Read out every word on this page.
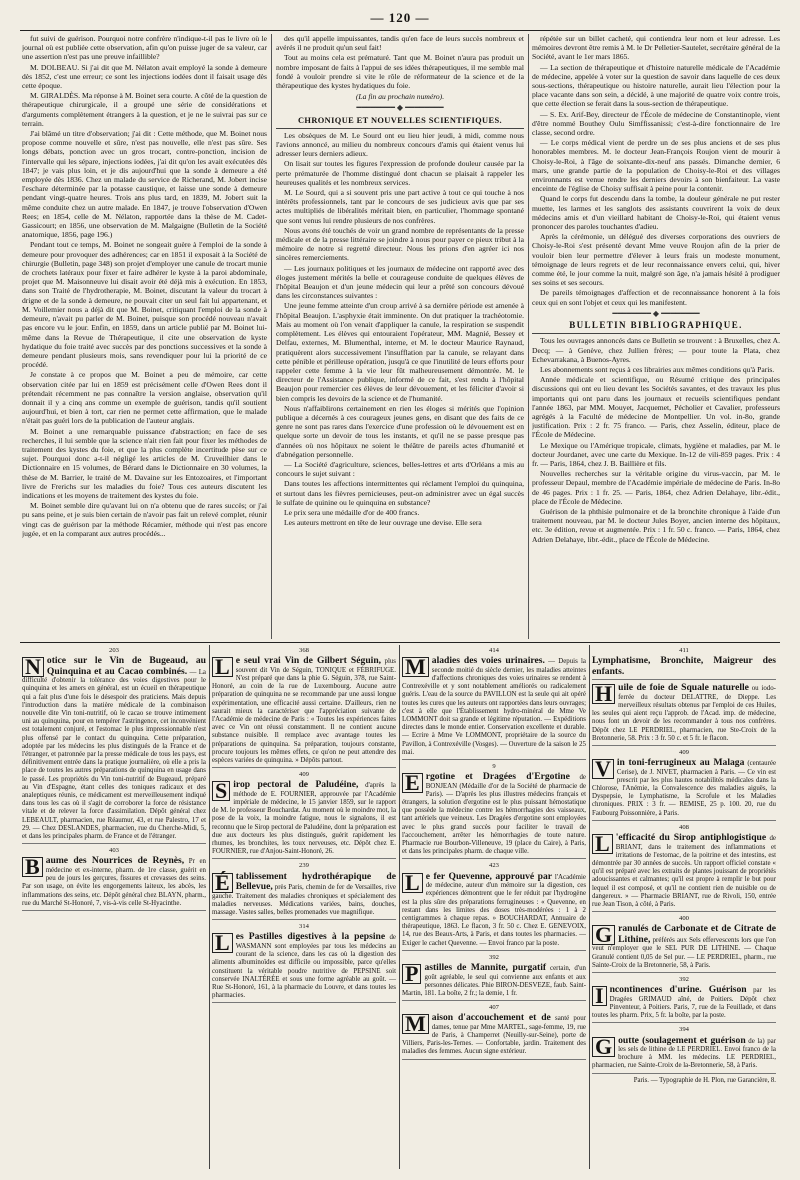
— 120 —

fut suivi de guérison. Pourquoi notre confrère n'indique-t-il pas le livre où le journal où est publiée cette observation, afin qu'on puisse juger de sa valeur, car une assertion n'est pas une preuve infaillible?

M. DOLBEAU. Si j'ai dit que M. Nélaton avait employé la sonde à demeure dès 1852, c'est une erreur; ce sont les injections iodées dont il faisait usage dès cette époque.

M. GIRALDÈS. Ma réponse à M. Boinet sera courte. A côté de la question de thérapeutique chirurgicale, il a groupé une série de considérations et d'arguments complètement étrangers à la question, et je ne le suivrai pas sur ce terrain.

J'ai blâmé un titre d'observation; j'ai dit : Cette méthode, que M. Boinet nous propose comme nouvelle et sûre, n'est pas nouvelle, elle n'est pas sûre. Ses longs débats, ponction avec un gros trocart, contre-ponction, incision de l'intervalle qui les sépare, injections iodées, j'ai dit qu'on les avait exécutées dès 1847; je vais plus loin, et je dis aujourd'hui que la sonde à demeure a été employée dès 1836. Chez un malade du service de Richerand, M. Jobert incise l'eschare déterminée par la potasse caustique, et laisse une sonde à demeure pendant vingt-quatre heures. Trois ans plus tard, en 1839, M. Jobert suit la même conduite chez un autre malade. En 1847, je trouve l'observation d'Owen Rees; en 1854, celle de M. Nélaton, rapportée dans la thèse de M. Cadet-Gassicourt; en 1856, une observation de M. Malgaigne (Bulletin de la Société anatomique, 1856, page 196.)

Pendant tout ce temps, M. Boinet ne songeait guère à l'emploi de la sonde à demeure pour provoquer des adhérences; car en 1851 il exposait à la Société de chirurgie (Bulletin, page 348) son projet d'employer une canule de trocart munie de crochets latéraux pour fixer et faire adhérer le kyste à la paroi abdominale, projet que M. Maisonneuve lui disait avoir été déjà mis à exécution. En 1853, dans son Traité de l'hydrotherapie, M. Boinet, discutant la valeur du trocart à drigne et de la sonde à demeure, ne pouvait citer un seul fait lui appartenant, et M. Voillemier nous a déjà dit que M. Boinet, critiquant l'emploi de la sonde à demeure, n'avait pu parler de M. Boinet, puisque son procédé nouveau n'avait pas encore vu le jour. Enfin, en 1859, dans un article publié par M. Boinet lui-même dans la Revue de Thérapeutique, il cite une observation de kyste hydatique du foie traité avec succès par des ponctions successives et la sonde à demeure pendant plusieurs mois, sans revendiquer pour lui la priorité de ce procédé.

Je constate à ce propos que M. Boinet a peu de mémoire, car cette observation citée par lui en 1859 est précisément celle d'Owen Rees dont il prétendait récemment ne pas connaître la version anglaise, observation qu'il donnait il y a cinq ans comme un exemple de guérison, tandis qu'il soutient aujourd'hui, et bien à tort, car rien ne permet cette affirmation, que le malade n'était pas guéri lors de la publication de l'auteur anglais.

M. Boinet a une remarquable puissance d'abstraction; en face de ses recherches, il lui semble que la science n'ait rien fait pour fixer les méthodes de traitement des kystes du foie, et que la plus complète incertitude pèse sur ce sujet. Pourquoi donc a-t-il négligé les articles de M. Cruveilhier dans le Dictionnaire en 15 volumes, de Bérard dans le Dictionnaire en 30 volumes, la thèse de M. Barrier, le traité de M. Davaine sur les Entozoaires, et l'important livre de Frerichs sur les maladies du foie? Tous ces auteurs discutent les indications et les moyens de traitement des kystes du foie.

M. Boinet semble dire qu'avant lui on n'a obtenu que de rares succès; or j'ai pu sans peine, et je suis bien certain de n'avoir pas fait un relevé complet, réunir vingt cas de guérison par la méthode Récamier, méthode qui n'est pas encore jugée, et en la comparant aux autres procédés...

des qu'il appelle impuissantes, tandis qu'en face de leurs succès nombreux et avérés il ne produit qu'un seul fait!

Tout au moins cela est prématuré. Tant que M. Boinet n'aura pas produit un nombre imposant de faits à l'appui de ses idées thérapeutiques, il me semble mal fondé à vouloir prendre si vite le rôle de réformateur de la science et de la thérapeutique des kystes hydatiques du foie.

(La fin au prochain numéro).
━━━━━━━━ ◆ ━━━━━━━━
CHRONIQUE ET NOUVELLES SCIENTIFIQUES.

Les obsèques de M. Le Sourd ont eu lieu hier jeudi, à midi, comme nous l'avions annoncé, au milieu du nombreux concours d'amis qui étaient venus lui adresser leurs derniers adieux.

On lisait sur toutes les figures l'expression de profonde douleur causée par la perte prématurée de l'homme distingué dont chacun se plaisait à rappeler les heureuses qualités et les nombreux services.

M. Le Sourd, qui a si souvent pris une part active à tout ce qui touche à nos intérêts professionnels, tant par le concours de ses judicieux avis que par ses actes multipliés de libéralités méritait bien, en particulier, l'hommage spontané que sont venus lui rendre plusieurs de nos confrères.

Nous avons été touchés de voir un grand nombre de représentants de la presse médicale et de la presse littéraire se joindre à nous pour payer ce pieux tribut à la mémoire de notre si regretté directeur. Nous les prions d'en agréer ici nos sincères remerciements.

— Les journaux politiques et les journaux de médecine ont rapporté avec des éloges justement mérités la belle et courageuse conduite de quelques élèves de l'hôpital Beaujon et d'un jeune médecin qui leur a prêté son concours dévoué dans les circonstances suivantes :

Une jeune femme atteinte d'un croup arrivé à sa dernière période est amenée à l'hôpital Beaujon. L'asphyxie était imminente. On dut pratiquer la trachéotomie. Mais au moment où l'on venait d'appliquer la canule, la respiration se suspendit complètement. Les élèves qui entouraient l'opérateur, MM. Magnié, Bessey et Delfau, externes, M. Blumenthal, interne, et M. le docteur Maurice Raynaud, pratiquèrent alors successivement l'insufflation par la canule, se relayant dans cette pénible et périlleuse opération, jusqu'à ce que l'inutilité de leurs efforts pour rappeler cette femme à la vie leur fût malheureusement démontrée. M. le directeur de l'Assistance publique, informé de ce fait, s'est rendu à l'hôpital Beaujon pour remercier ces élèves de leur dévouement, et les féliciter d'avoir si bien compris les devoirs de la science et de l'humanité.

Nous n'affaiblirons certainement en rien les éloges si mérités que l'opinion publique a décernés à ces courageux jeunes gens, en disant que des faits de ce genre ne sont pas rares dans l'exercice d'une profession où le dévouement est en quelque sorte un devoir de tous les instants, et qu'il ne se passe presque pas d'années où nos hôpitaux ne soient le théâtre de pareils actes d'humanité et d'abnégation personnelle.

— La Société d'agriculture, sciences, belles-lettres et arts d'Orléans a mis au concours le sujet suivant :

Dans toutes les affections intermittentes qui réclament l'emploi du quinquina, et surtout dans les fièvres pernicieuses, peut-on administrer avec un égal succès le sulfate de quinine ou le quinquina en substance?

Le prix sera une médaille d'or de 400 francs.

Les auteurs mettront en tête de leur ouvrage une devise. Elle sera

répétée sur un billet cacheté, qui contiendra leur nom et leur adresse. Les mémoires devront être remis à M. le Dr Pelletier-Sautelet, secrétaire général de la Société, avant le 1er mars 1865.

— La section de thérapeutique et d'histoire naturelle médicale de l'Académie de médecine, appelée à voter sur la question de savoir dans laquelle de ces deux sous-sections, thérapeutique ou histoire naturelle, aurait lieu l'élection pour la place vacante dans son sein, a décidé, à une majorité de quatre voix contre trois, que cette élection se ferait dans la sous-section de thérapeutique.

— S. Ex. Arif-Bey, directeur de l'École de médecine de Constantinople, vient d'être nommé Bouthey Oulu Simffissanissi; c'est-à-dire fonctionnaire de 1re classe, second ordre.

— Le corps médical vient de perdre un de ses plus anciens et de ses plus honorables membres. M. le docteur Jean-François Roujon vient de mourir à Choisy-le-Roi, à l'âge de soixante-dix-neuf ans passés. Dimanche dernier, 6 mars, une grande partie de la population de Choisy-le-Roi et des villages environnants est venue rendre les derniers devoirs à son bienfaiteur. La vaste enceinte de l'église de Choisy suffisait à peine pour la contenir.

Quand le corps fut descendu dans la tombe, la douleur générale ne put rester muette, les larmes et les sanglots des assistants couvrirent la voix de deux médecins amis et d'un vieillard habitant de Choisy-le-Roi, qui étaient venus prononcer des paroles touchantes d'adieu.

Après la cérémonie, un délégué des diverses corporations des ouvriers de Choisy-le-Roi s'est présenté devant Mme veuve Roujon afin de la prier de vouloir bien leur permettre d'élever à leurs frais un modeste monument, témoignage de leurs regrets et de leur reconnaissance envers celui, qui, hiver comme été, le jour comme la nuit, malgré son âge, n'a jamais hésité à prodiguer ses soins et ses secours.

De pareils témoignages d'affection et de reconnaissance honorent à la fois ceux qui en sont l'objet et ceux qui les manifestent.

━━━━━━━━ ◆ ━━━━━━━━
BULLETIN BIBLIOGRAPHIQUE.

Tous les ouvrages annoncés dans ce Bulletin se trouvent : à Bruxelles, chez A. Decq; — à Genève, chez Jullien frères; — pour toute la Plata, chez Echevarrakana, à Buenos-Ayres.

Les abonnements sont reçus à ces librairies aux mêmes conditions qu'à Paris.

Année médicale et scientifique, ou Résumé critique des principales discussions qui ont eu lieu devant les Sociétés savantes, et des travaux les plus importants qui ont paru dans les journaux et recueils scientifiques pendant l'année 1863, par MM. Mouyet, Jacquemet, Pécholier et Cavalier, professeurs agrégés à la Faculté de médecine de Montpellier. Un vol. in-8o, grande justification. Prix : 2 fr. 75 franco. — Paris, chez Asselin, éditeur, place de l'École de Médecine.

Le Mexique ou l'Amérique tropicale, climats, hygiène et maladies, par M. le docteur Jourdanet, avec une carte du Mexique. In-12 de vili-859 pages. Prix : 4 fr. — Paris, 1864, chez J. B. Baillière et fils.

Nouvelles recherches sur la véritable origine du virus-vaccin, par M. le professeur Depaul, membre de l'Académie impériale de médecine de Paris. In-8o de 46 pages. Prix : 1 fr. 25. — Paris, 1864, chez Adrien Delahaye, libr.-édit., place de l'École de Médecine.

Guérison de la phthisie pulmonaire et de la bronchite chronique à l'aide d'un traitement nouveau, par M. le docteur Jules Boyer, ancien interne des hôpitaux, etc. 3e édition, revue et augmentée. Prix : 1 fr. 50 c. franco. — Paris, 1864, chez Adrien Delahaye, libr.-édit., place de l'École de Médecine.

203
N otice sur le Vin de Bugeaud, au Quinquina et au Cacao combinés. — La difficulté d'obtenir la tolérance des voies digestives pour le quinquina et les amers en général, est un écueil en thérapeutique qui a fait plus d'une fois le désespoir des praticiens. Mais depuis l'introduction dans la matière médicale de la combinaison nouvelle dite Vin toni-nutritif, où le cacao se trouve intimement uni au quinquina, pour en tempérer l'astringence, cet inconvénient est totalement conjuré, et l'estomac le plus impressionnable n'est plus offensé par le contact du quinquina. Cette préparation, adoptée par les médecins les plus distingués de la France et de l'étranger, et patronnée par la presse médicale de tous les pays, est définitivement entrée dans la pratique journalière, où elle a pris la place de toutes les autres préparations de quinquina en usage dans le passé. Les propriétés du Vin toni-nutritif de Bugeaud, préparé au Vin d'Espagne, étant celles des toniques radicaux et des analeptiques réunis, ce médicament est merveilleusement indiqué dans tous les cas où il s'agit de corroborer la force de résistance vitale et de relever la force d'assimilation. Dépôt général chez LEBEAULT, pharmacien, rue Réaumur, 43, et rue Palestro, 17 et 29. — Chez DESLANDES, pharmacien, rue du Cherche-Midi, 5, et dans les principales pharm. de France et de l'étranger.
403
B aume des Nourrices de Reynès, Pr en médecine et ex-interne, pharm. de 1re classe, guérit en peu de jours les gerçures, fissures et crevasses des seins. Par son usage, on évite les engorgements laiteux, les abcès, les inflammations des seins, etc. Dépôt général chez BLAYN, pharm., rue du Marché St-Honoré, 7, vis-à-vis celle St-Hyacinthe.
368
L e seul vrai Vin de Gilbert Séguin, plus souvent dit Vin de Séguin, TONIQUE et FÉBRIFUGE. N'est préparé que dans la phie G. Séguin, 378, rue Saint-Honoré, au coin de la rue de Luxembourg. Aucune autre préparation de quinquina ne se recommande par une aussi longue expérimentation, une efficacité aussi certaine. D'ailleurs, rien ne saurait mieux la caractériser que l'appréciation suivante de l'Académie de médecine de Paris : « Toutes les expériences faites avec ce Vin ont réussi constamment. Il ne contient aucune substance nuisible. Il remplace avec avantage toutes les préparations de quinquina. Sa préparation, toujours constante, procure toujours les mêmes effets, ce qu'on ne peut attendre des espèces variées de quinquina. » Dépôts partout.
409
S irop pectoral de Paludéine, d'après la méthode de E. FOURNIER, approuvée par l'Académie impériale de médecine, le 15 janvier 1859, sur le rapport de M. le professeur Bouchardat. Au moment où le moindre mot, la pose de la voix, la moindre fatigue, nous le signalons, il est reconnu que le Sirop pectoral de Paludéine, dont la préparation est due aux docteurs les plus distingués, guérit rapidement les rhumes, les bronchites, les toux nerveuses, etc. Dépôt chez E. FOURNIER, rue d'Anjou-Saint-Honoré, 26.
239
É tablissement hydrothérapique de Bellevue, près Paris, chemin de fer de Versailles, rive gauche. Traitement des maladies chroniques et spécialement des maladies nerveuses. Médications variées, bains, douches, massage. Vastes salles, belles promenades vue magnifique.
314
L es Pastilles digestives à la pepsine de WASMANN sont employées par tous les médecins au courant de la science, dans les cas où la digestion des aliments albuminoïdes est difficile ou impossible, parce qu'elles constituent la véritable poudre nutritive de PEPSINE soit conservée INALTÉRÉE et sous une forme agréable au goût. — Rue St-Honoré, 161, à la pharmacie du Louvre, et dans toutes les pharmacies.
414
M aladies des voies urinaires. — Depuis la seconde moitié du siècle dernier, les maladies atteintes d'affections chroniques des voies urinaires se rendent à Contrexéville et y sont notablement améliorés ou radicalement guéris. L'eau de la source du PAVILLON est la seule qui ait opéré toutes les cures que les auteurs ont rapportées dans leurs ouvrages; c'est à elle que l'Établissement hydro-minéral de Mme Ve LOMMONT doit sa grande et légitime réputation. — Expéditions directes dans le monde entier. Conservation excellente et durable. — Ecrire à Mme Ve LOMMONT, propriétaire de la source du Pavillon, à Contrexéville (Vosges). — Ouverture de la saison le 25 mai.
9
E rgotine et Dragées d'Ergotine de BONJEAN (Médaille d'or de la Société de pharmacie de Paris). — D'après les plus illustres médecins français et étrangers, la solution d'ergotine est le plus puissant hémostatique que possède la médecine contre les hémorrhagies des vaisseaux, tant artériels que veineux. Les Dragées d'ergotine sont employées avec le plus grand succès pour faciliter le travail de l'accouchement, arrêter les hémorrhagies de toute nature. Pharmacie rue Bourbon-Villeneuve, 19 (place du Caire), à Paris, et dans les principales pharm. de chaque ville.
423
L e fer Quevenne, approuvé par l'Académie de médecine, auteur d'un mémoire sur la digestion, ces expériences démontrent que le fer réduit par l'hydrogène est la plus sûre des préparations ferrugineuses : « Quevenne, en restant dans les limites des doses très-modérées : 1 à 2 centigrammes à chaque repas. » BOUCHARDAT, Annuaire de thérapeutique, 1863. Le flacon, 3 fr. 50 c. Chez E. GENEVOIX, 14, rue des Beaux-Arts, à Paris, et dans toutes les pharmacies. — Exiger le cachet Quevenne. — Envoi franco par la poste.
392
P astilles de Mannite, purgatif certain, d'un goût agréable, le seul qui convienne aux enfants et aux personnes délicates. Phie BIRON-DESVEZE, faub. Saint-Martin, 181. La boîte, 2 fr.; la demie, 1 fr.
407
M aison d'accouchement et de santé pour dames, tenue par Mme MARTEL, sage-femme, 19, rue de Paris, à Champerret (Neuilly-sur-Seine), porte de Villiers, Paris-les-Ternes. — Confortable, jardin. Traitement des maladies des femmes. Aucun signe extérieur.
411
Lymphatisme, Bronchite, Maigreur des enfants.
H uile de foie de Squale naturelle ou iodo-ferrée du docteur DELATTRE, de Dieppe. Les merveilleux résultats obtenus par l'emploi de ces Huiles, les seules qui aient reçu l'approb. de l'Acad. imp. de médecine, nous font un devoir de les recommander à tous nos confrères. Dépôt chez LE PERDRIEL, pharmacien, rue Ste-Croix de la Bretonnerie, 58. Prix : 3 fr. 50 c. et 5 fr. le flacon.
409
V in toni-ferrugineux au Malaga (centaurée Cerise), de J. NIVET, pharmacien à Paris. — Ce vin est prescrit par les plus hautes notabilités médicales dans la Chlorose, l'Anémie, la Convalescence des maladies aiguës, la Dyspepsie, le Lymphatisme, la Scrofule et les Maladies chroniques. PRIX : 3 fr. — REMISE, 25 p. 100. 20, rue du Faubourg Poissonnière, à Paris.
408
L 'efficacité du Sirop antiphlogistique de BRIANT, dans le traitement des inflammations et irritations de l'estomac, de la poitrine et des intestins, est démontrée par 30 années de succès. Un rapport officiel constate « qu'il est préparé avec les extraits de plantes jouissant de propriétés adoucissantes et calmantes; qu'il est propre à remplir le but pour lequel il est composé, et qu'il ne contient rien de nuisible ou de dangereux. » — Pharmacie BRIANT, rue de Rivoli, 150, entrée rue Jean Tison, à côté, à Paris.
400
G ranulés de Carbonate et de Citrate de Lithine, préférés aux Sels effervescents lors que l'on veut n'employer que le SEL PUR DE LITHINE. — Chaque Granulé contient 0,05 de Sel pur. — LE PERDRIEL, pharm., rue Sainte-Croix de la Bretonnerie, 58, à Paris.
392
I ncontinences d'urine. Guérison par les Dragées GRIMAUD aîné, de Poitiers. Dépôt chez Pinventeur, à Poitiers. Paris, 7, rue de la Feuillade, et dans toutes les pharm. Prix, 5 fr. la boîte, par la poste.
394
G outte (soulagement et guérison de la) par les sels de lithine de LE PERDRIEL. Envoi franco de la brochure à MM. les médecins. LE PERDRIEL, pharmacien, rue Sainte-Croix de la-Bretonnerie, 58, à Paris.
Paris. — Typographie de H. Plon, rue Garancière, 8.
